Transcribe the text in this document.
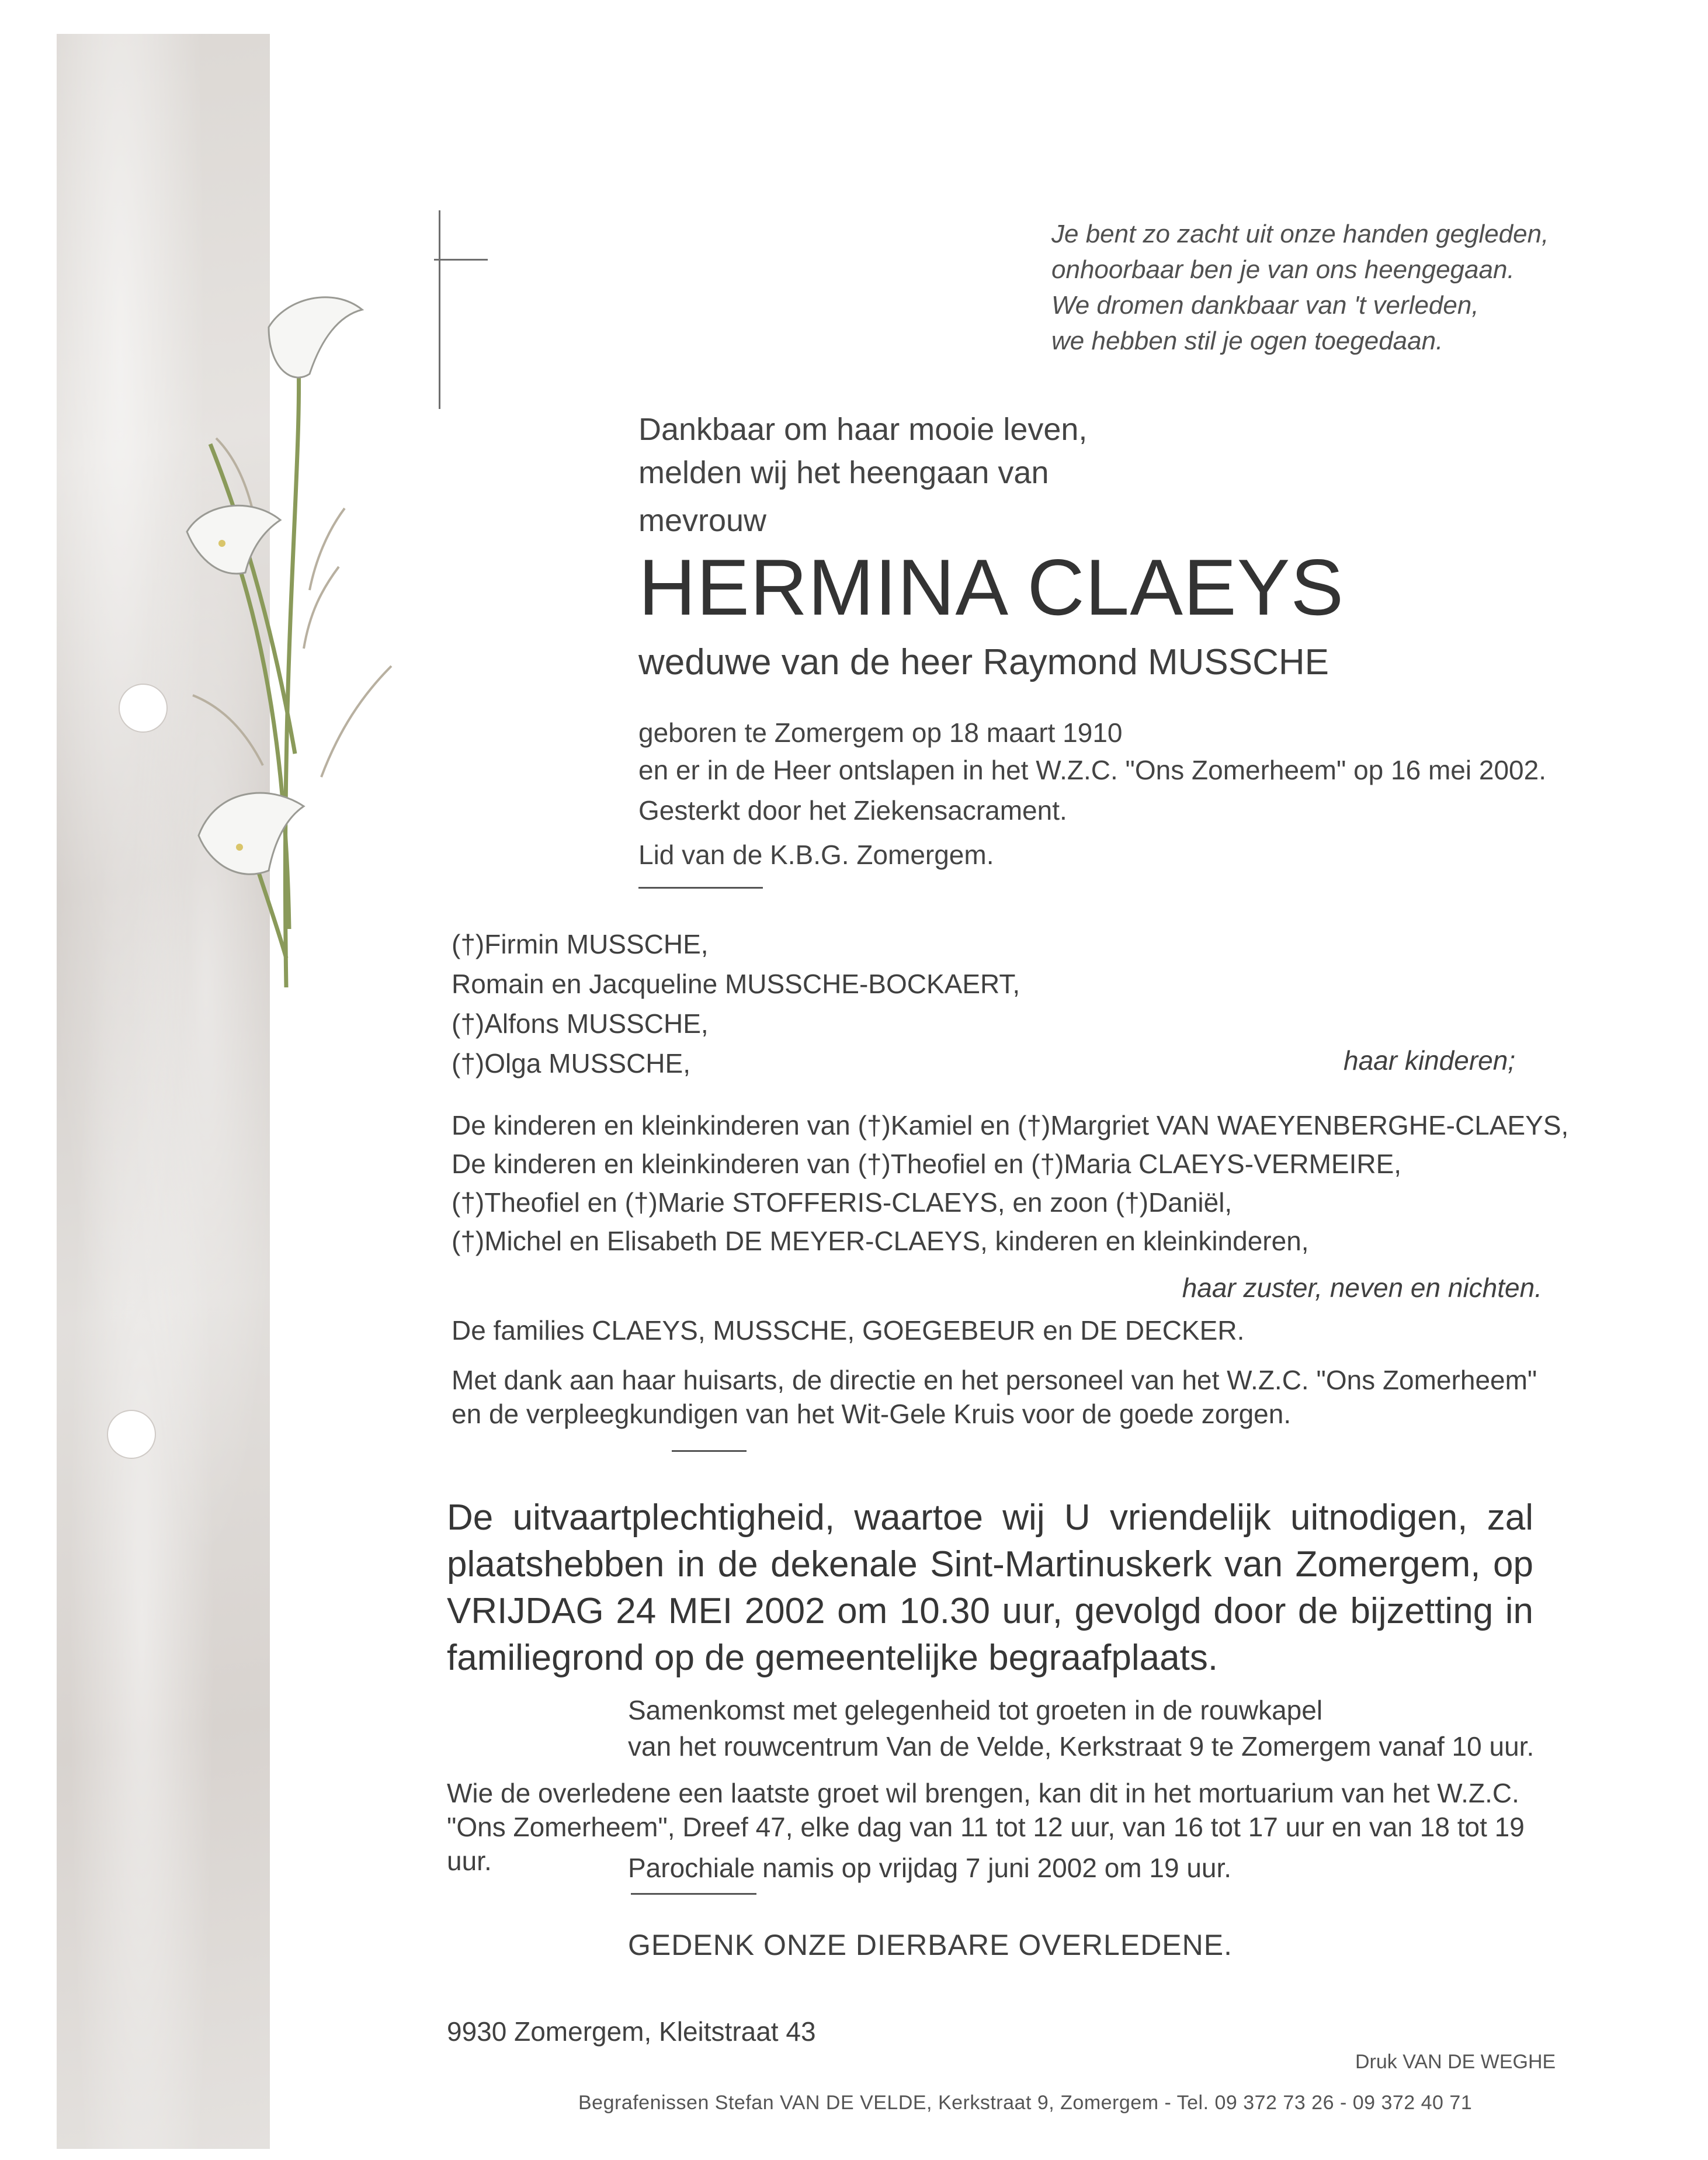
Je bent zo zacht uit onze handen gegleden,
onhoorbaar ben je van ons heengegaan.
We dromen dankbaar van 't verleden,
we hebben stil je ogen toegedaan.
Dankbaar om haar mooie leven,
melden wij het heengaan van
mevrouw
HERMINA CLAEYS
weduwe van de heer Raymond MUSSCHE
geboren te Zomergem op 18 maart 1910
en er in de Heer ontslapen in het W.Z.C. "Ons Zomerheem" op 16 mei 2002.
Gesterkt door het Ziekensacrament.
Lid van de K.B.G. Zomergem.
(†)Firmin MUSSCHE,
Romain en Jacqueline MUSSCHE-BOCKAERT,
(†)Alfons MUSSCHE,
(†)Olga MUSSCHE,	haar kinderen;
De kinderen en kleinkinderen van (†)Kamiel en (†)Margriet VAN WAEYENBERGHE-CLAEYS,
De kinderen en kleinkinderen van (†)Theofiel en (†)Maria CLAEYS-VERMEIRE,
(†)Theofiel en (†)Marie STOFFERIS-CLAEYS, en zoon (†)Daniël,
(†)Michel en Elisabeth DE MEYER-CLAEYS, kinderen en kleinkinderen,
haar zuster, neven en nichten.
De families CLAEYS, MUSSCHE, GOEGEBEUR en DE DECKER.
Met dank aan haar huisarts, de directie en het personeel van het W.Z.C. "Ons Zomerheem"
en de verpleegkundigen van het Wit-Gele Kruis voor de goede zorgen.
De uitvaartplechtigheid, waartoe wij U vriendelijk uitnodigen, zal plaatshebben in de dekenale Sint-Martinuskerk van Zomergem, op VRIJDAG 24 MEI 2002 om 10.30 uur, gevolgd door de bijzetting in familiegrond op de gemeentelijke begraafplaats.
Samenkomst met gelegenheid tot groeten in de rouwkapel
van het rouwcentrum Van de Velde, Kerkstraat 9 te Zomergem vanaf 10 uur.
Wie de overledene een laatste groet wil brengen, kan dit in het mortuarium van het W.Z.C. "Ons Zomerheem", Dreef 47, elke dag van 11 tot 12 uur, van 16 tot 17 uur en van 18 tot 19 uur.	Parochiale namis op vrijdag 7 juni 2002 om 19 uur.
GEDENK ONZE DIERBARE OVERLEDENE.
9930 Zomergem, Kleitstraat 43
Druk VAN DE WEGHE
Begrafenissen Stefan VAN DE VELDE, Kerkstraat 9, Zomergem - Tel. 09 372 73 26 - 09 372 40 71
